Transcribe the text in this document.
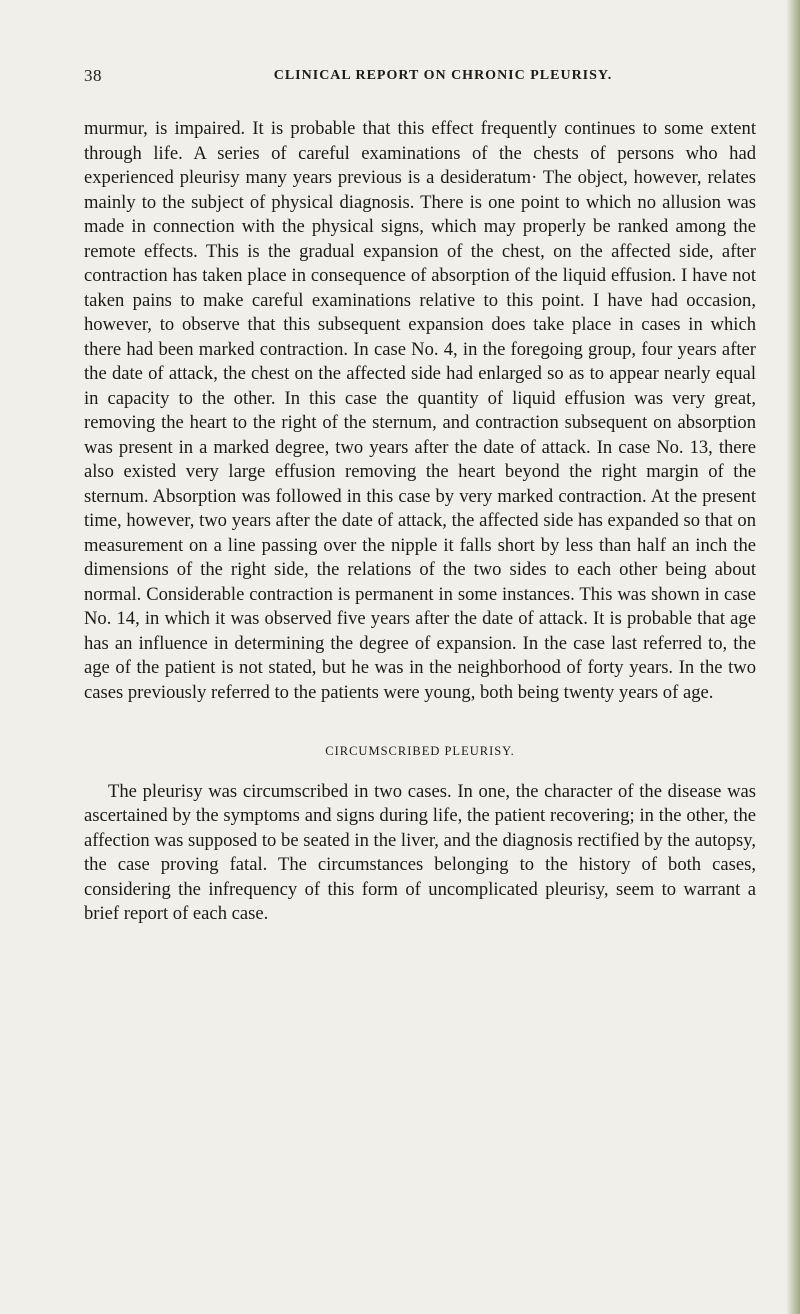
38	CLINICAL REPORT ON CHRONIC PLEURISY.

murmur, is impaired. It is probable that this effect frequently continues to some extent through life. A series of careful examinations of the chests of persons who had experienced pleurisy many years previous is a desideratum· The object, however, relates mainly to the subject of physical diagnosis. There is one point to which no allusion was made in connection with the physical signs, which may properly be ranked among the remote effects. This is the gradual expansion of the chest, on the affected side, after contraction has taken place in consequence of absorption of the liquid effusion. I have not taken pains to make careful examinations relative to this point. I have had occasion, however, to observe that this subsequent expansion does take place in cases in which there had been marked contraction. In case No. 4, in the foregoing group, four years after the date of attack, the chest on the affected side had enlarged so as to appear nearly equal in capacity to the other. In this case the quantity of liquid effusion was very great, removing the heart to the right of the sternum, and contraction subsequent on absorption was present in a marked degree, two years after the date of attack. In case No. 13, there also existed very large effusion removing the heart beyond the right margin of the sternum. Absorption was followed in this case by very marked contraction. At the present time, however, two years after the date of attack, the affected side has expanded so that on measurement on a line passing over the nipple it falls short by less than half an inch the dimensions of the right side, the relations of the two sides to each other being about normal. Considerable contraction is permanent in some instances. This was shown in case No. 14, in which it was observed five years after the date of attack. It is probable that age has an influence in determining the degree of expansion. In the case last referred to, the age of the patient is not stated, but he was in the neighborhood of forty years. In the two cases previously referred to the patients were young, both being twenty years of age.

CIRCUMSCRIBED PLEURISY.

The pleurisy was circumscribed in two cases. In one, the character of the disease was ascertained by the symptoms and signs during life, the patient recovering; in the other, the affection was supposed to be seated in the liver, and the diagnosis rectified by the autopsy, the case proving fatal. The circumstances belonging to the history of both cases, considering the infrequency of this form of uncomplicated pleurisy, seem to warrant a brief report of each case.
